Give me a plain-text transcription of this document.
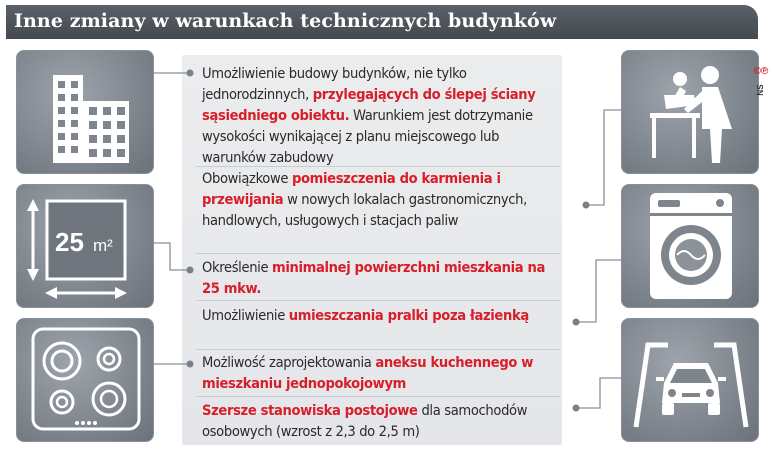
Inne zmiany w warunkach technicznych budynków
Umożliwienie budowy budynków, nie tylko jednorodzinnych, przylegających do ślepej ściany sąsiedniego obiektu. Warunkiem jest dotrzymanie wysokości wynikającej z planu miejscowego lub warunków zabudowy
Obowiązkowe pomieszczenia do karmienia i przewijania w nowych lokalach gastronomicznych, handlowych, usługowych i stacjach paliw
Określenie minimalnej powierzchni mieszkania na 25 mkw.
Umożliwienie umieszczania pralki poza łazienką
Możliwość zaprojektowania aneksu kuchennego w mieszkaniu jednopokojowym
Szersze stanowiska postojowe dla samochodów osobowych (wzrost z 2,3 do 2,5 m)
25 m²
©℗
NS
